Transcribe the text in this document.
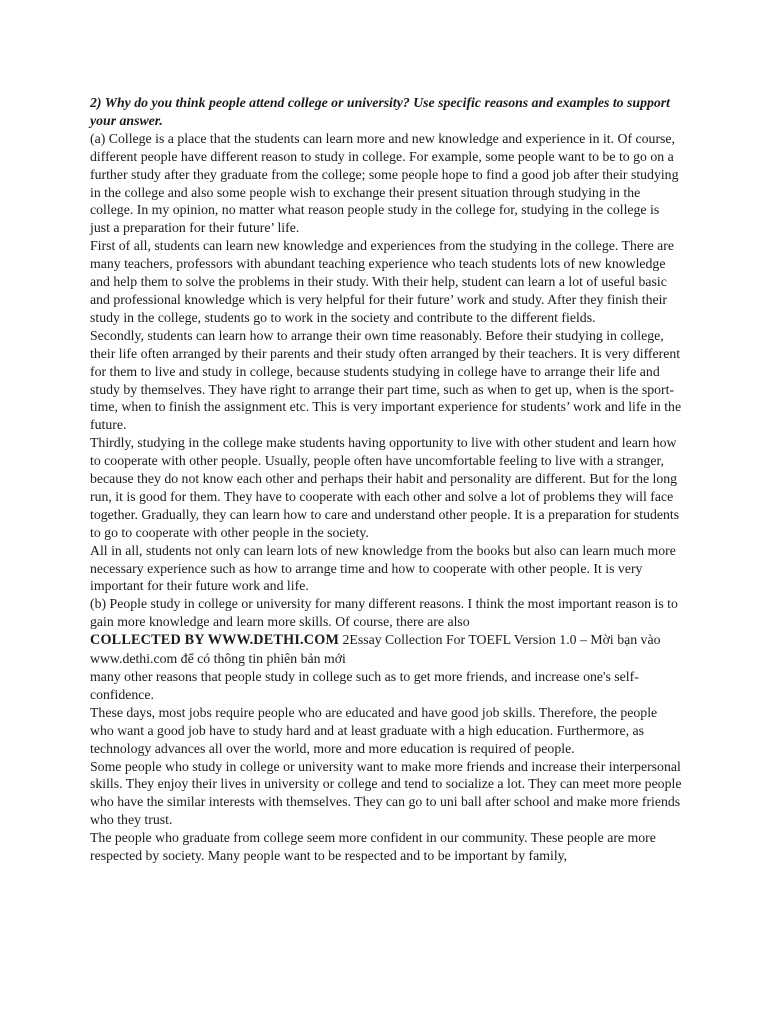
2) Why do you think people attend college or university? Use specific reasons and examples to support your answer.

(a) College is a place that the students can learn more and new knowledge and experience in it. Of course, different people have different reason to study in college. For example, some people want to be to go on a further study after they graduate from the college; some people hope to find a good job after their studying in the college and also some people wish to exchange their present situation through studying in the college. In my opinion, no matter what reason people study in the college for, studying in the college is just a preparation for their future’ life.

First of all, students can learn new knowledge and experiences from the studying in the college. There are many teachers, professors with abundant teaching experience who teach students lots of new knowledge and help them to solve the problems in their study. With their help, student can learn a lot of useful basic and professional knowledge which is very helpful for their future’ work and study. After they finish their study in the college, students go to work in the society and contribute to the different fields.

Secondly, students can learn how to arrange their own time reasonably. Before their studying in college, their life often arranged by their parents and their study often arranged by their teachers. It is very different for them to live and study in college, because students studying in college have to arrange their life and study by themselves. They have right to arrange their part time, such as when to get up, when is the sport-time, when to finish the assignment etc. This is very important experience for students’ work and life in the future.

Thirdly, studying in the college make students having opportunity to live with other student and learn how to cooperate with other people. Usually, people often have uncomfortable feeling to live with a stranger, because they do not know each other and perhaps their habit and personality are different. But for the long run, it is good for them. They have to cooperate with each other and solve a lot of problems they will face together. Gradually, they can learn how to care and understand other people. It is a preparation for students to go to cooperate with other people in the society.

All in all, students not only can learn lots of new knowledge from the books but also can learn much more necessary experience such as how to arrange time and how to cooperate with other people. It is very important for their future work and life.

(b) People study in college or university for many different reasons. I think the most important reason is to gain more knowledge and learn more skills. Of course, there are also

COLLECTED BY WWW.DETHI.COM 2Essay Collection For TOEFL Version 1.0 – Mời bạn vào www.dethi.com để có thông tin phiên bản mới

many other reasons that people study in college such as to get more friends, and increase one's self-confidence.

These days, most jobs require people who are educated and have good job skills. Therefore, the people who want a good job have to study hard and at least graduate with a high education. Furthermore, as technology advances all over the world, more and more education is required of people.

Some people who study in college or university want to make more friends and increase their interpersonal skills. They enjoy their lives in university or college and tend to socialize a lot. They can meet more people who have the similar interests with themselves. They can go to uni ball after school and make more friends who they trust.

The people who graduate from college seem more confident in our community. These people are more respected by society. Many people want to be respected and to be important by family,
